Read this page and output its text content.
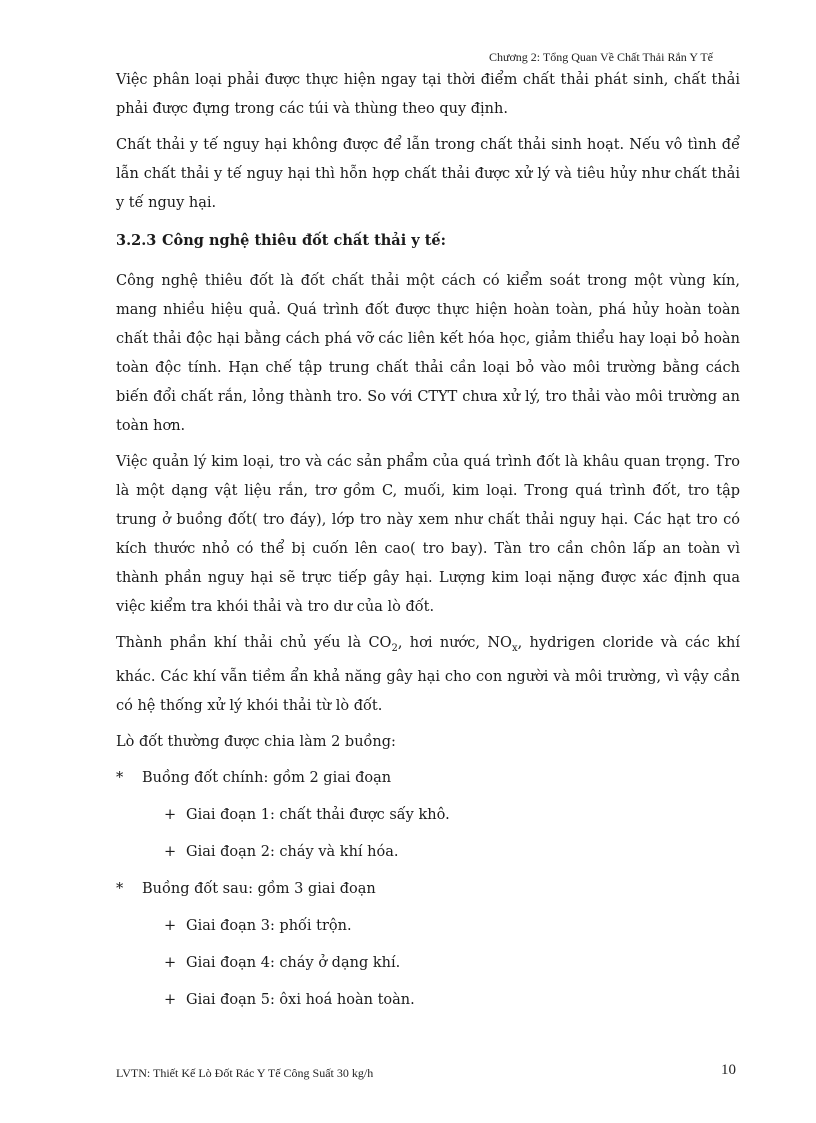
Chương 2: Tổng Quan Về Chất Thải Rắn Y Tế

Việc phân loại phải được thực hiện ngay tại thời điểm chất thải phát sinh, chất thải phải được đựng trong các túi và thùng theo quy định.

Chất thải y tế nguy hại không được để lẫn trong chất thải sinh hoạt. Nếu vô tình để lẫn chất thải y tế nguy hại thì hỗn hợp chất thải được xử lý và tiêu hủy như chất thải y tế nguy hại.

3.2.3 Công nghệ thiêu đốt chất thải y tế:

Công nghệ thiêu đốt là đốt chất thải một cách có kiểm soát trong một vùng kín, mang nhiều hiệu quả. Quá trình đốt được thực hiện hoàn toàn, phá hủy hoàn toàn chất thải độc hại bằng cách phá vỡ các liên kết hóa học, giảm thiểu hay loại bỏ hoàn toàn độc tính. Hạn chế tập trung chất thải cần loại bỏ vào môi trường bằng cách biến đổi chất rắn, lỏng thành tro. So với CTYT chưa xử lý, tro thải vào môi trường an toàn hơn.

Việc quản lý kim loại, tro và các sản phẩm của quá trình đốt là khâu quan trọng. Tro là một dạng vật liệu rắn, trơ gồm C, muối, kim loại. Trong quá trình đốt, tro tập trung ở buồng đốt( tro đáy), lớp tro này xem như chất thải nguy hại. Các hạt tro có kích thước nhỏ có thể bị cuốn lên cao( tro bay). Tàn tro cần chôn lấp an toàn vì thành phần nguy hại sẽ trực tiếp gây hại. Lượng kim loại nặng được xác định qua việc kiểm tra khói thải và tro dư của lò đốt.

Thành phần khí thải chủ yếu là $CO_2$, hơi nước, $NO_x$, hydrigen cloride và các khí khác. Các khí vẫn tiềm ẩn khả năng gây hại cho con người và môi trường, vì vậy cần có hệ thống xử lý khói thải từ lò đốt.

Lò đốt thường được chia làm 2 buồng:

* Buồng đốt chính: gồm 2 giai đoạn
+ Giai đoạn 1: chất thải được sấy khô.
+ Giai đoạn 2: cháy và khí hóa.
* Buồng đốt sau: gồm 3 giai đoạn
+ Giai đoạn 3: phối trộn.
+ Giai đoạn 4: cháy ở dạng khí.
+ Giai đoạn 5: ôxi hoá hoàn toàn.
LVTN: Thiết Kế Lò Đốt Rác Y Tế Công Suất 30 kg/h	10
